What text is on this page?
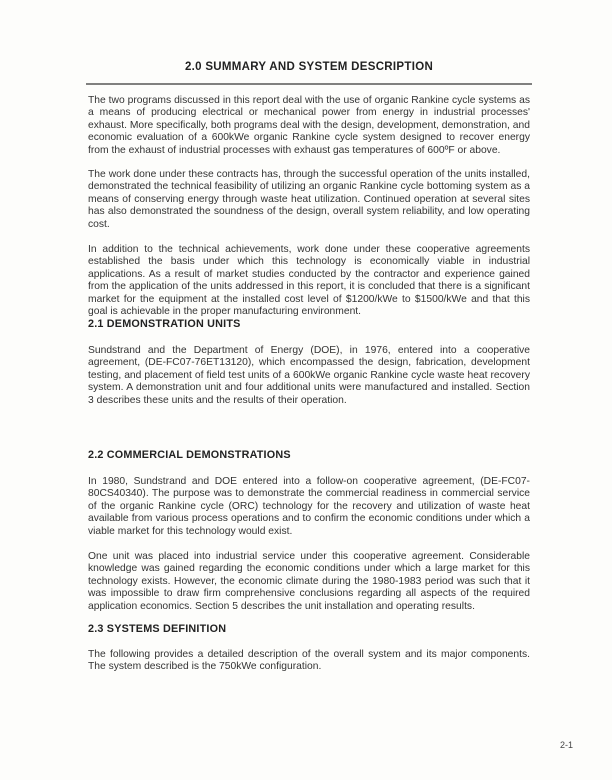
2.0 SUMMARY AND SYSTEM DESCRIPTION
The two programs discussed in this report deal with the use of organic Rankine cycle systems as a means of producing electrical or mechanical power from energy in industrial processes' exhaust. More specifically, both programs deal with the design, development, demonstration, and economic evaluation of a 600kWe organic Rankine cycle system designed to recover energy from the exhaust of industrial processes with exhaust gas temperatures of 600ºF or above.
The work done under these contracts has, through the successful operation of the units installed, demonstrated the technical feasibility of utilizing an organic Rankine cycle bottoming system as a means of conserving energy through waste heat utilization. Continued operation at several sites has also demonstrated the soundness of the design, overall system reliability, and low operating cost.
In addition to the technical achievements, work done under these cooperative agreements established the basis under which this technology is economically viable in industrial applications. As a result of market studies conducted by the contractor and experience gained from the application of the units addressed in this report, it is concluded that there is a significant market for the equipment at the installed cost level of $1200/kWe to $1500/kWe and that this goal is achievable in the proper manufacturing environment.
2.1 DEMONSTRATION UNITS
Sundstrand and the Department of Energy (DOE), in 1976, entered into a cooperative agreement, (DE-FC07-76ET13120), which encompassed the design, fabrication, development testing, and placement of field test units of a 600kWe organic Rankine cycle waste heat recovery system. A demonstration unit and four additional units were manufactured and installed. Section 3 describes these units and the results of their operation.
2.2 COMMERCIAL DEMONSTRATIONS
In 1980, Sundstrand and DOE entered into a follow-on cooperative agreement, (DE-FC07-80CS40340). The purpose was to demonstrate the commercial readiness in commercial service of the organic Rankine cycle (ORC) technology for the recovery and utilization of waste heat available from various process operations and to confirm the economic conditions under which a viable market for this technology would exist.
One unit was placed into industrial service under this cooperative agreement. Considerable knowledge was gained regarding the economic conditions under which a large market for this technology exists. However, the economic climate during the 1980-1983 period was such that it was impossible to draw firm comprehensive conclusions regarding all aspects of the required application economics. Section 5 describes the unit installation and operating results.
2.3 SYSTEMS DEFINITION
The following provides a detailed description of the overall system and its major components. The system described is the 750kWe configuration.
2-1
